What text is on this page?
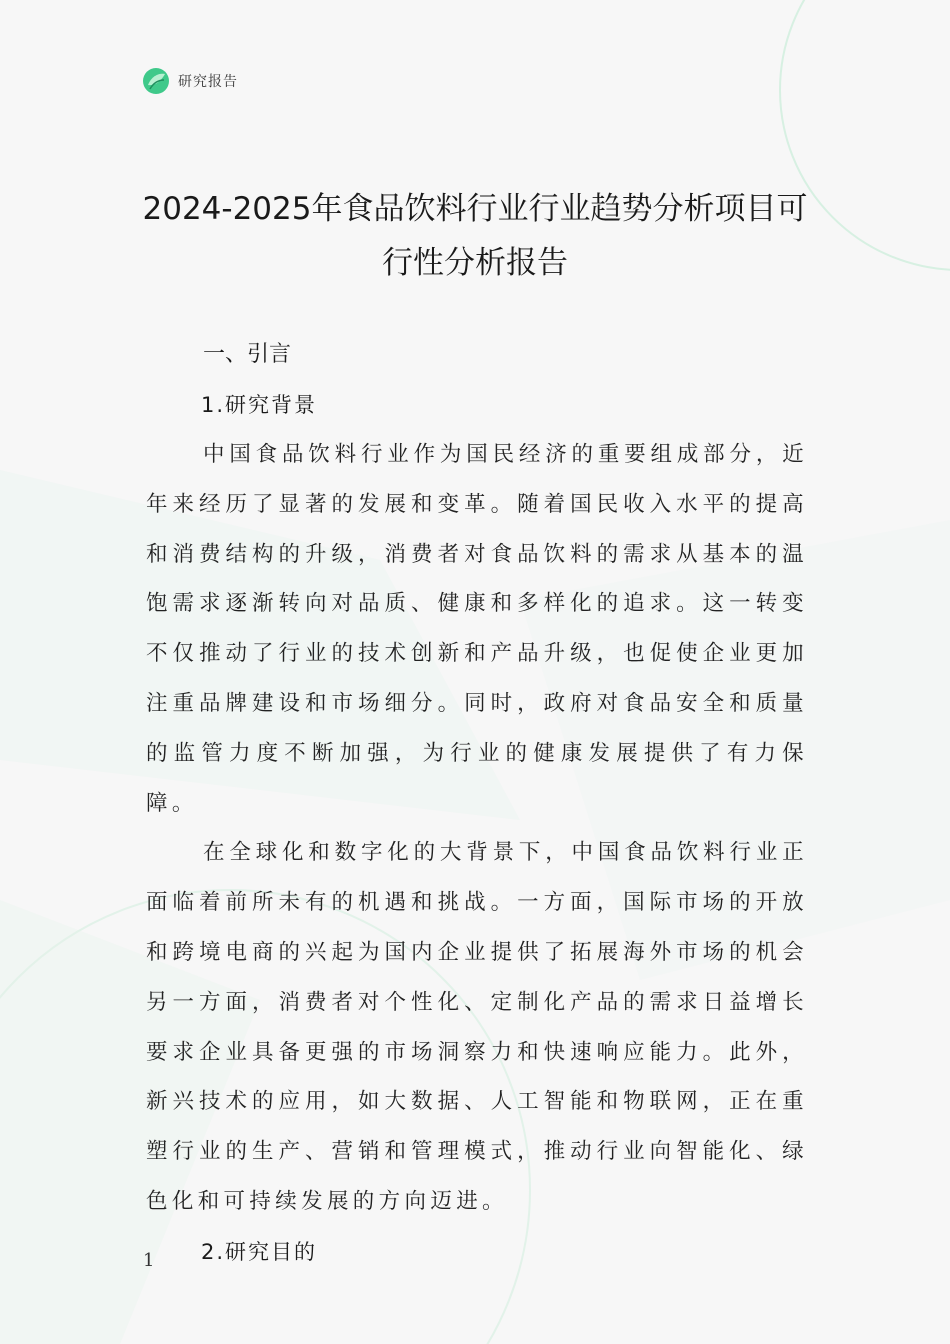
研究报告
2024-2025年食品饮料行业行业趋势分析项目可行性分析报告
一、引言
1.研究背景

中国食品饮料行业作为国民经济的重要组成部分，近年来经历了显著的发展和变革。随着国民收入水平的提高和消费结构的升级，消费者对食品饮料的需求从基本的温饱需求逐渐转向对品质、健康和多样化的追求。这一转变不仅推动了行业的技术创新和产品升级，也促使企业更加注重品牌建设和市场细分。同时，政府对食品安全和质量的监管力度不断加强，为行业的健康发展提供了有力保障。

在全球化和数字化的大背景下，中国食品饮料行业正面临着前所未有的机遇和挑战。一方面，国际市场的开放和跨境电商的兴起为国内企业提供了拓展海外市场的机会另一方面，消费者对个性化、定制化产品的需求日益增长要求企业具备更强的市场洞察力和快速响应能力。此外，新兴技术的应用，如大数据、人工智能和物联网，正在重塑行业的生产、营销和管理模式，推动行业向智能化、绿色化和可持续发展的方向迈进。

2.研究目的
1
